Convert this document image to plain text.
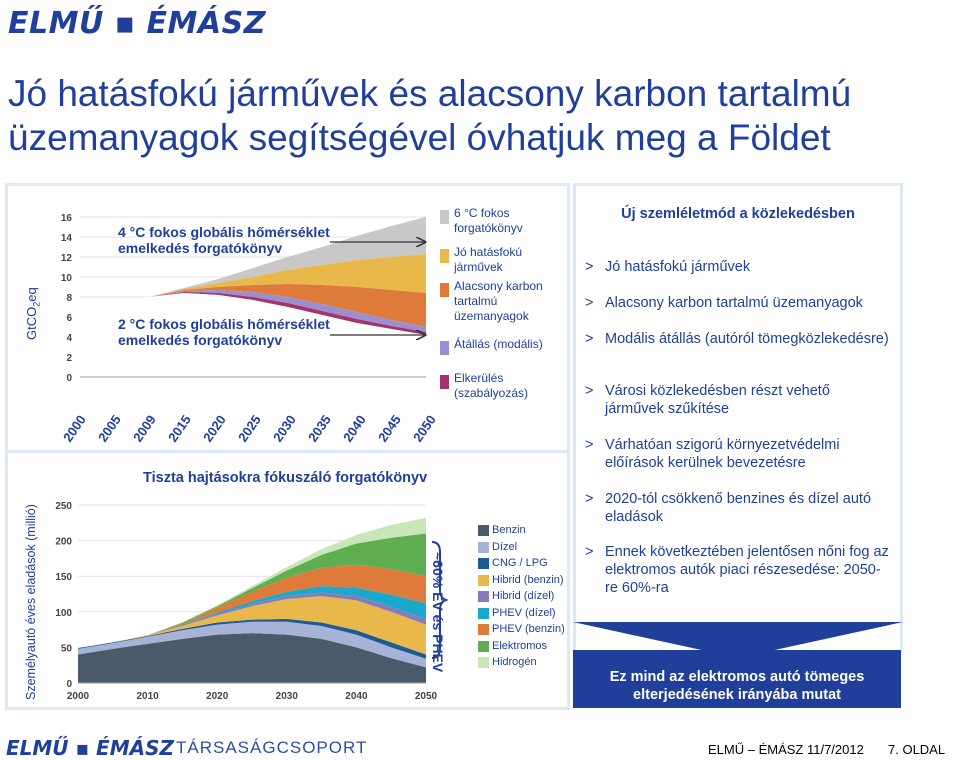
ELMŰ ▪ ÉMÁSZ
Jó hatásfokú járművek és alacsony karbon tartalmú üzemanyagok segítségével óvhatjuk meg a Földet
GtCO$_2$eq
16
14
12
10
8
6
4
2
0
2000 2005 2009 2015 2020 2025 2030 2035 2040 2045 2050
4 °C fokos globális hőmérséklet emelkedés forgatókönyv
2 °C fokos globális hőmérséklet emelkedés forgatókönyv
6 °C fokos forgatókönyv
Jó hatásfokú járművek
Alacsony karbon tartalmú üzemanyagok
Átállás (modális)
Elkerülés (szabályozás)
Tiszta hajtásokra fókuszáló forgatókönyv
Személyautó éves eladások (millió) 250
200
150
100
50
0
2000	2010	2020	2030	2040	2050
~60% EV és PHEV
Benzin
Dízel
CNG / LPG
Hibrid (benzin)
Hibrid (dízel)
PHEV (dízel)
PHEV (benzin)
Elektromos
Hidrogén
Új szemléletmód a közlekedésben
> Jó hatásfokú járművek
> Alacsony karbon tartalmú üzemanyagok
> Modális átállás (autóról tömegközlekedésre)
> Városi közlekedésben részt vehető járművek szűkítése
> Várhatóan szigorú környezetvédelmi előírások kerülnek bevezetésre
> 2020-tól csökkenő benzines és dízel autó eladások
> Ennek következtében jelentősen nőni fog az elektromos autók piaci részesedése: 2050-re 60%-ra
Ez mind az elektromos autó tömeges elterjedésének irányába mutat
ELMŰ ▪ ÉMÁSZ TÁRSASÁGCSOPORT	ELMŰ – ÉMÁSZ 11/7/2012 7. OLDAL
